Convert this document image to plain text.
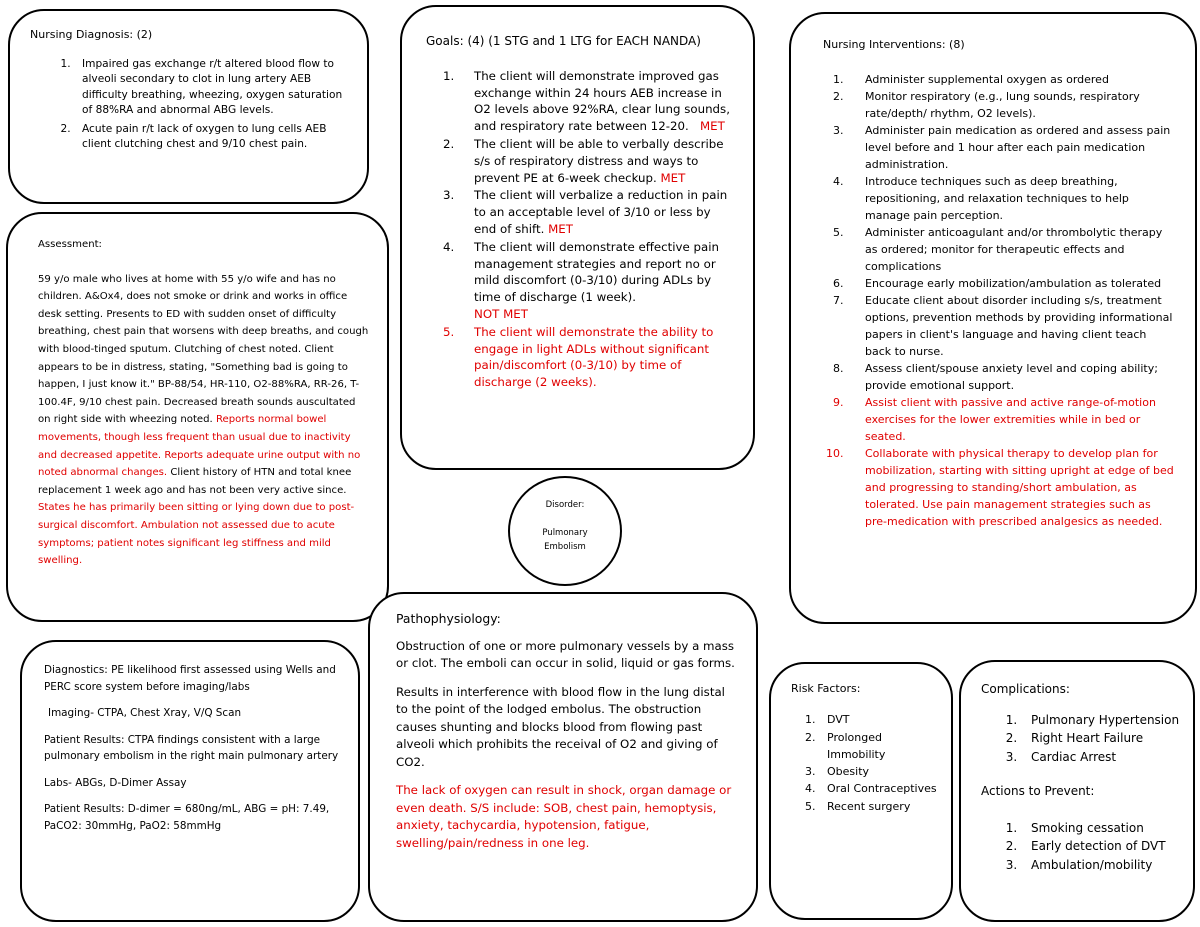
Nursing Diagnosis: (2)
1. Impaired gas exchange r/t altered blood flow to alveoli secondary to clot in lung artery AEB difficulty breathing, wheezing, oxygen saturation of 88%RA and abnormal ABG levels.
2. Acute pain r/t lack of oxygen to lung cells AEB client clutching chest and 9/10 chest pain.
Assessment:
59 y/o male who lives at home with 55 y/o wife and has no children. A&Ox4, does not smoke or drink and works in office desk setting. Presents to ED with sudden onset of difficulty breathing, chest pain that worsens with deep breaths, and cough with blood-tinged sputum. Clutching of chest noted. Client appears to be in distress, stating, "Something bad is going to happen, I just know it." BP-88/54, HR-110, O2-88%RA, RR-26, T-100.4F, 9/10 chest pain. Decreased breath sounds auscultated on right side with wheezing noted. Reports normal bowel movements, though less frequent than usual due to inactivity and decreased appetite. Reports adequate urine output with no noted abnormal changes. Client history of HTN and total knee replacement 1 week ago and has not been very active since. States he has primarily been sitting or lying down due to post-surgical discomfort. Ambulation not assessed due to acute symptoms; patient notes significant leg stiffness and mild swelling.

Diagnostics: PE likelihood first assessed using Wells and PERC score system before imaging/labs

Imaging- CTPA, Chest Xray, V/Q Scan

Patient Results: CTPA findings consistent with a large pulmonary embolism in the right main pulmonary artery

Labs- ABGs, D-Dimer Assay

Patient Results: D-dimer = 680ng/mL, ABG = pH: 7.49, PaCO2: 30mmHg, PaO2: 58mmHg

Goals: (4) (1 STG and 1 LTG for EACH NANDA)
1. The client will demonstrate improved gas exchange within 24 hours AEB increase in O2 levels above 92%RA, clear lung sounds, and respiratory rate between 12-20. MET
2. The client will be able to verbally describe s/s of respiratory distress and ways to prevent PE at 6-week checkup. MET
3. The client will verbalize a reduction in pain to an acceptable level of 3/10 or less by end of shift. MET
4. The client will demonstrate effective pain management strategies and report no or mild discomfort (0-3/10) during ADLs by time of discharge (1 week).
NOT MET
5. The client will demonstrate the ability to engage in light ADLs without significant pain/discomfort (0-3/10) by time of discharge (2 weeks).
Disorder:
Pulmonary
Embolism
Pathophysiology:

Obstruction of one or more pulmonary vessels by a mass or clot. The emboli can occur in solid, liquid or gas forms.

Results in interference with blood flow in the lung distal to the point of the lodged embolus. The obstruction causes shunting and blocks blood from flowing past alveoli which prohibits the receival of O2 and giving of CO2.

The lack of oxygen can result in shock, organ damage or even death. S/S include: SOB, chest pain, hemoptysis, anxiety, tachycardia, hypotension, fatigue, swelling/pain/redness in one leg.

Nursing Interventions: (8)
1. Administer supplemental oxygen as ordered
2. Monitor respiratory (e.g., lung sounds, respiratory rate/depth/ rhythm, O2 levels).
3. Administer pain medication as ordered and assess pain level before and 1 hour after each pain medication administration.
4. Introduce techniques such as deep breathing, repositioning, and relaxation techniques to help manage pain perception.
5. Administer anticoagulant and/or thrombolytic therapy as ordered; monitor for therapeutic effects and complications
6. Encourage early mobilization/ambulation as tolerated
7. Educate client about disorder including s/s, treatment options, prevention methods by providing informational papers in client's language and having client teach back to nurse.
8. Assess client/spouse anxiety level and coping ability; provide emotional support.
9. Assist client with passive and active range-of-motion exercises for the lower extremities while in bed or seated.
10. Collaborate with physical therapy to develop plan for mobilization, starting with sitting upright at edge of bed and progressing to standing/short ambulation, as tolerated. Use pain management strategies such as pre-medication with prescribed analgesics as needed.
Risk Factors:
1. DVT
2. Prolonged Immobility
3. Obesity
4. Oral Contraceptives
5. Recent surgery
Complications:
1. Pulmonary Hypertension
2. Right Heart Failure
3. Cardiac Arrest
Actions to Prevent:
1. Smoking cessation
2. Early detection of DVT
3. Ambulation/mobility
